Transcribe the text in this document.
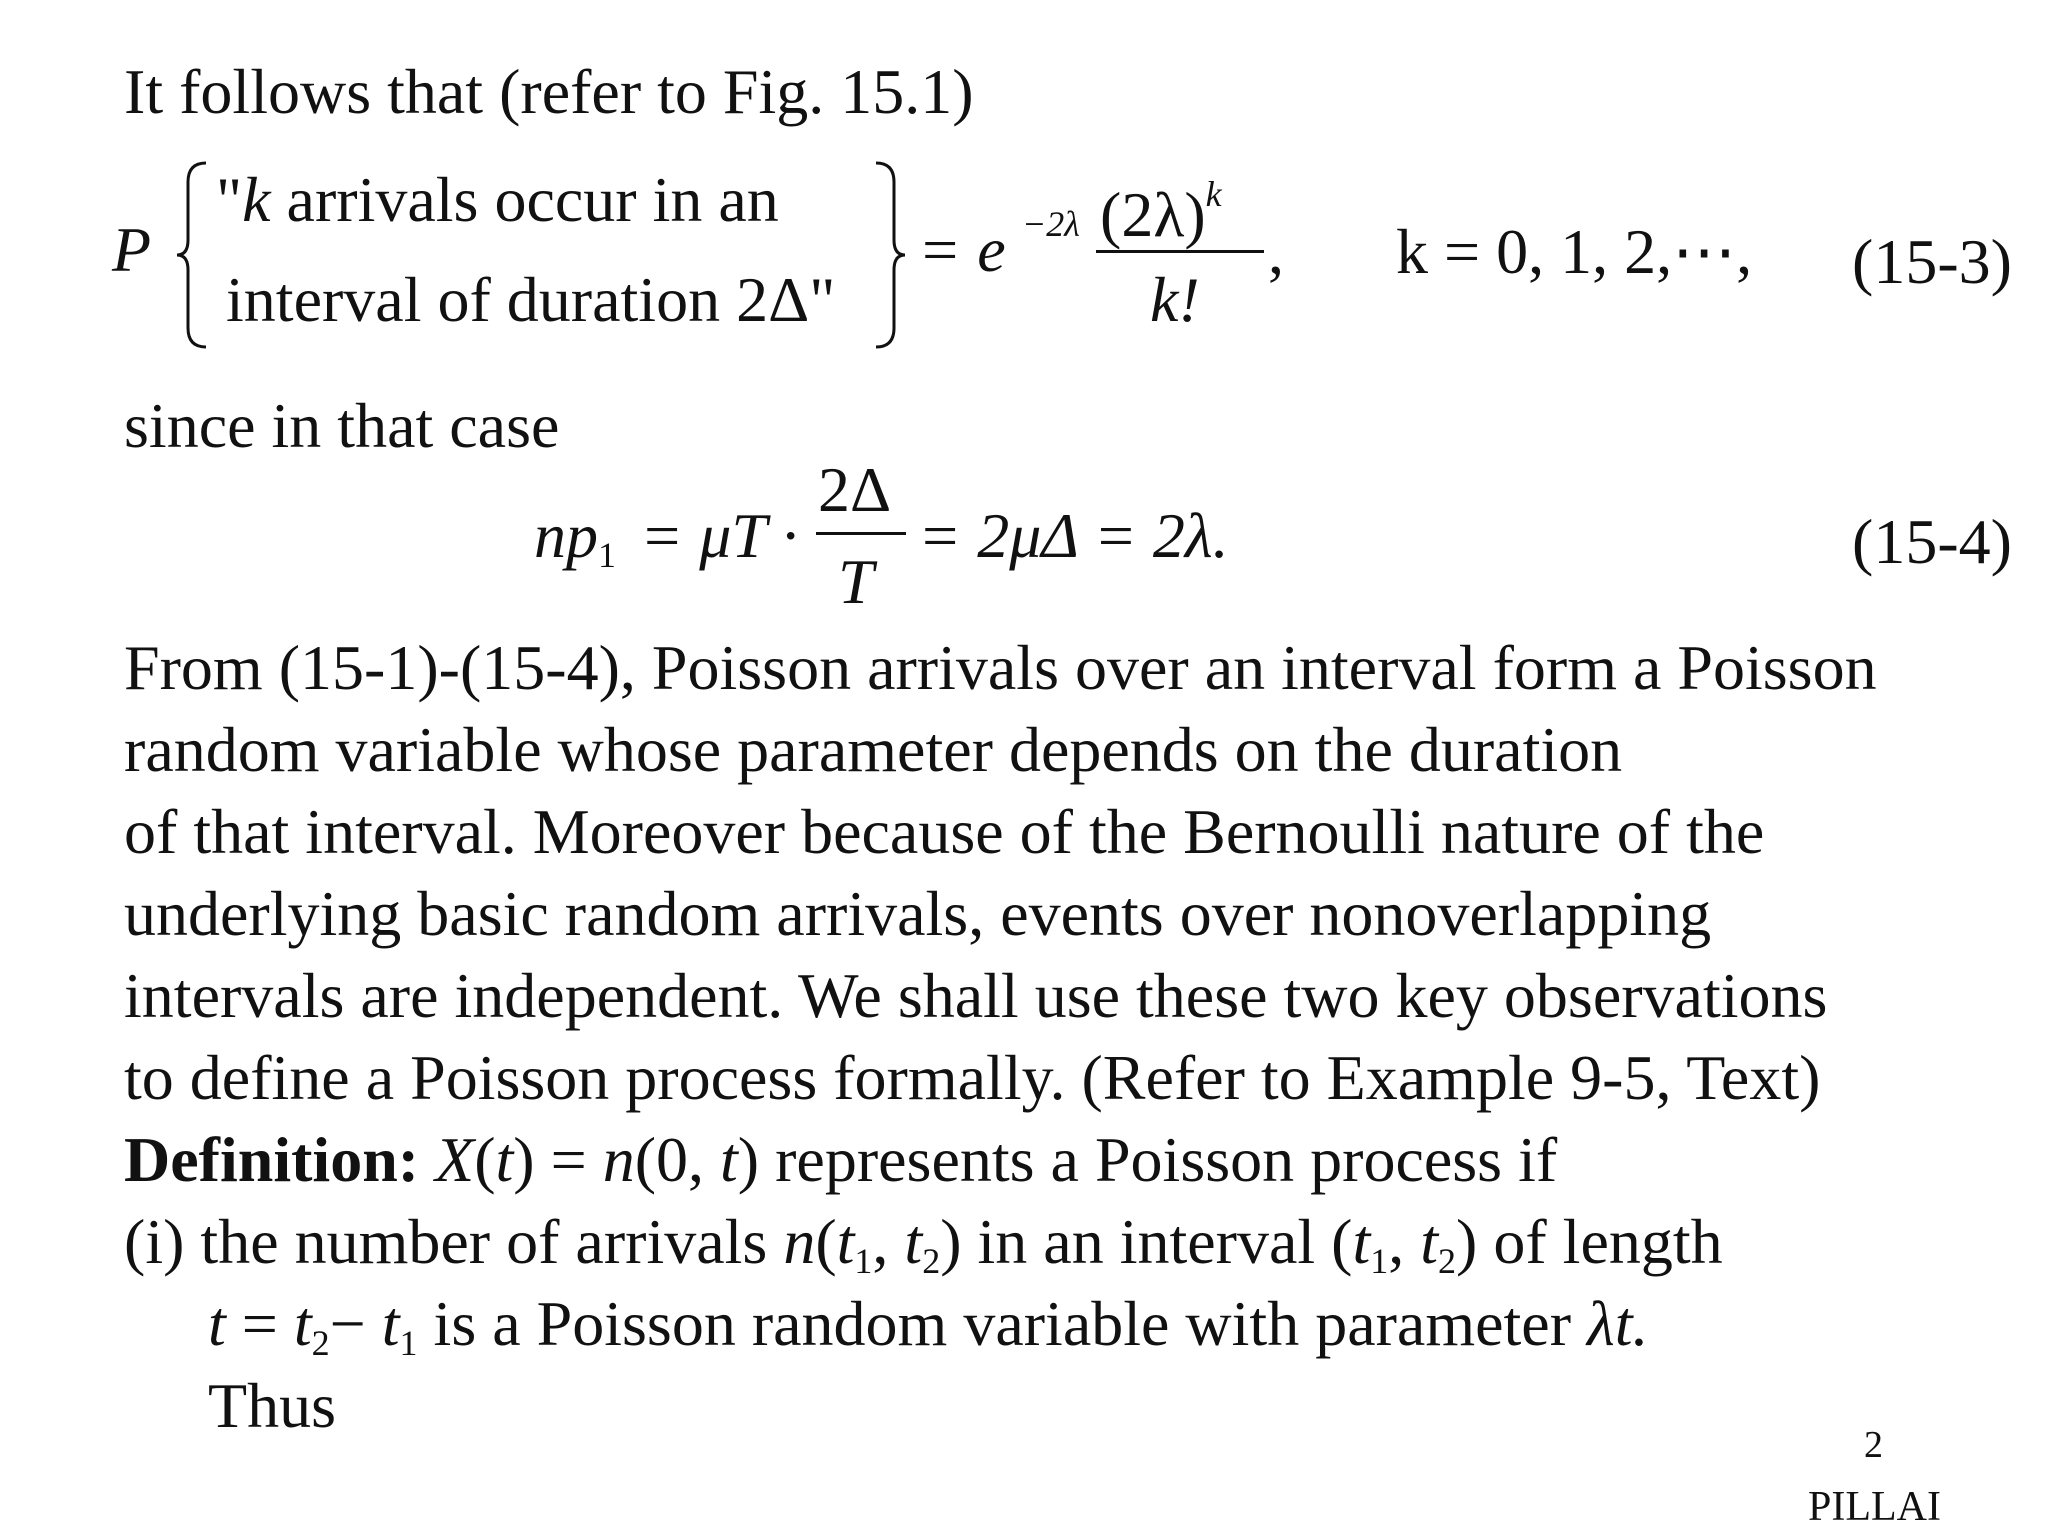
It follows that (refer to Fig. 15.1)
P
"k arrivals occur in an
interval of duration 2Δ"
= e −2λ $(2\lambda)^k$
k!
, k = 0, 1, 2,⋯, (15-3)
since in that case
$np_1 = \mu T$ ·
2Δ
T
= 2μΔ = 2λ.	(15-4)
From (15-1)-(15-4), Poisson arrivals over an interval form a Poisson
random variable whose parameter depends on the duration
of that interval. Moreover because of the Bernoulli nature of the
underlying basic random arrivals, events over nonoverlapping
intervals are independent. We shall use these two key observations
to define a Poisson process formally. (Refer to Example 9-5, Text)
Definition: X(t) = n(0, t) represents a Poisson process if
(i) the number of arrivals $n(t_1$, $t_2$) in an interval ($t_1$, $t_2$) of length
$t = t_2- t_1$ is a Poisson random variable with parameter λt.
Thus
2
PILLAI
